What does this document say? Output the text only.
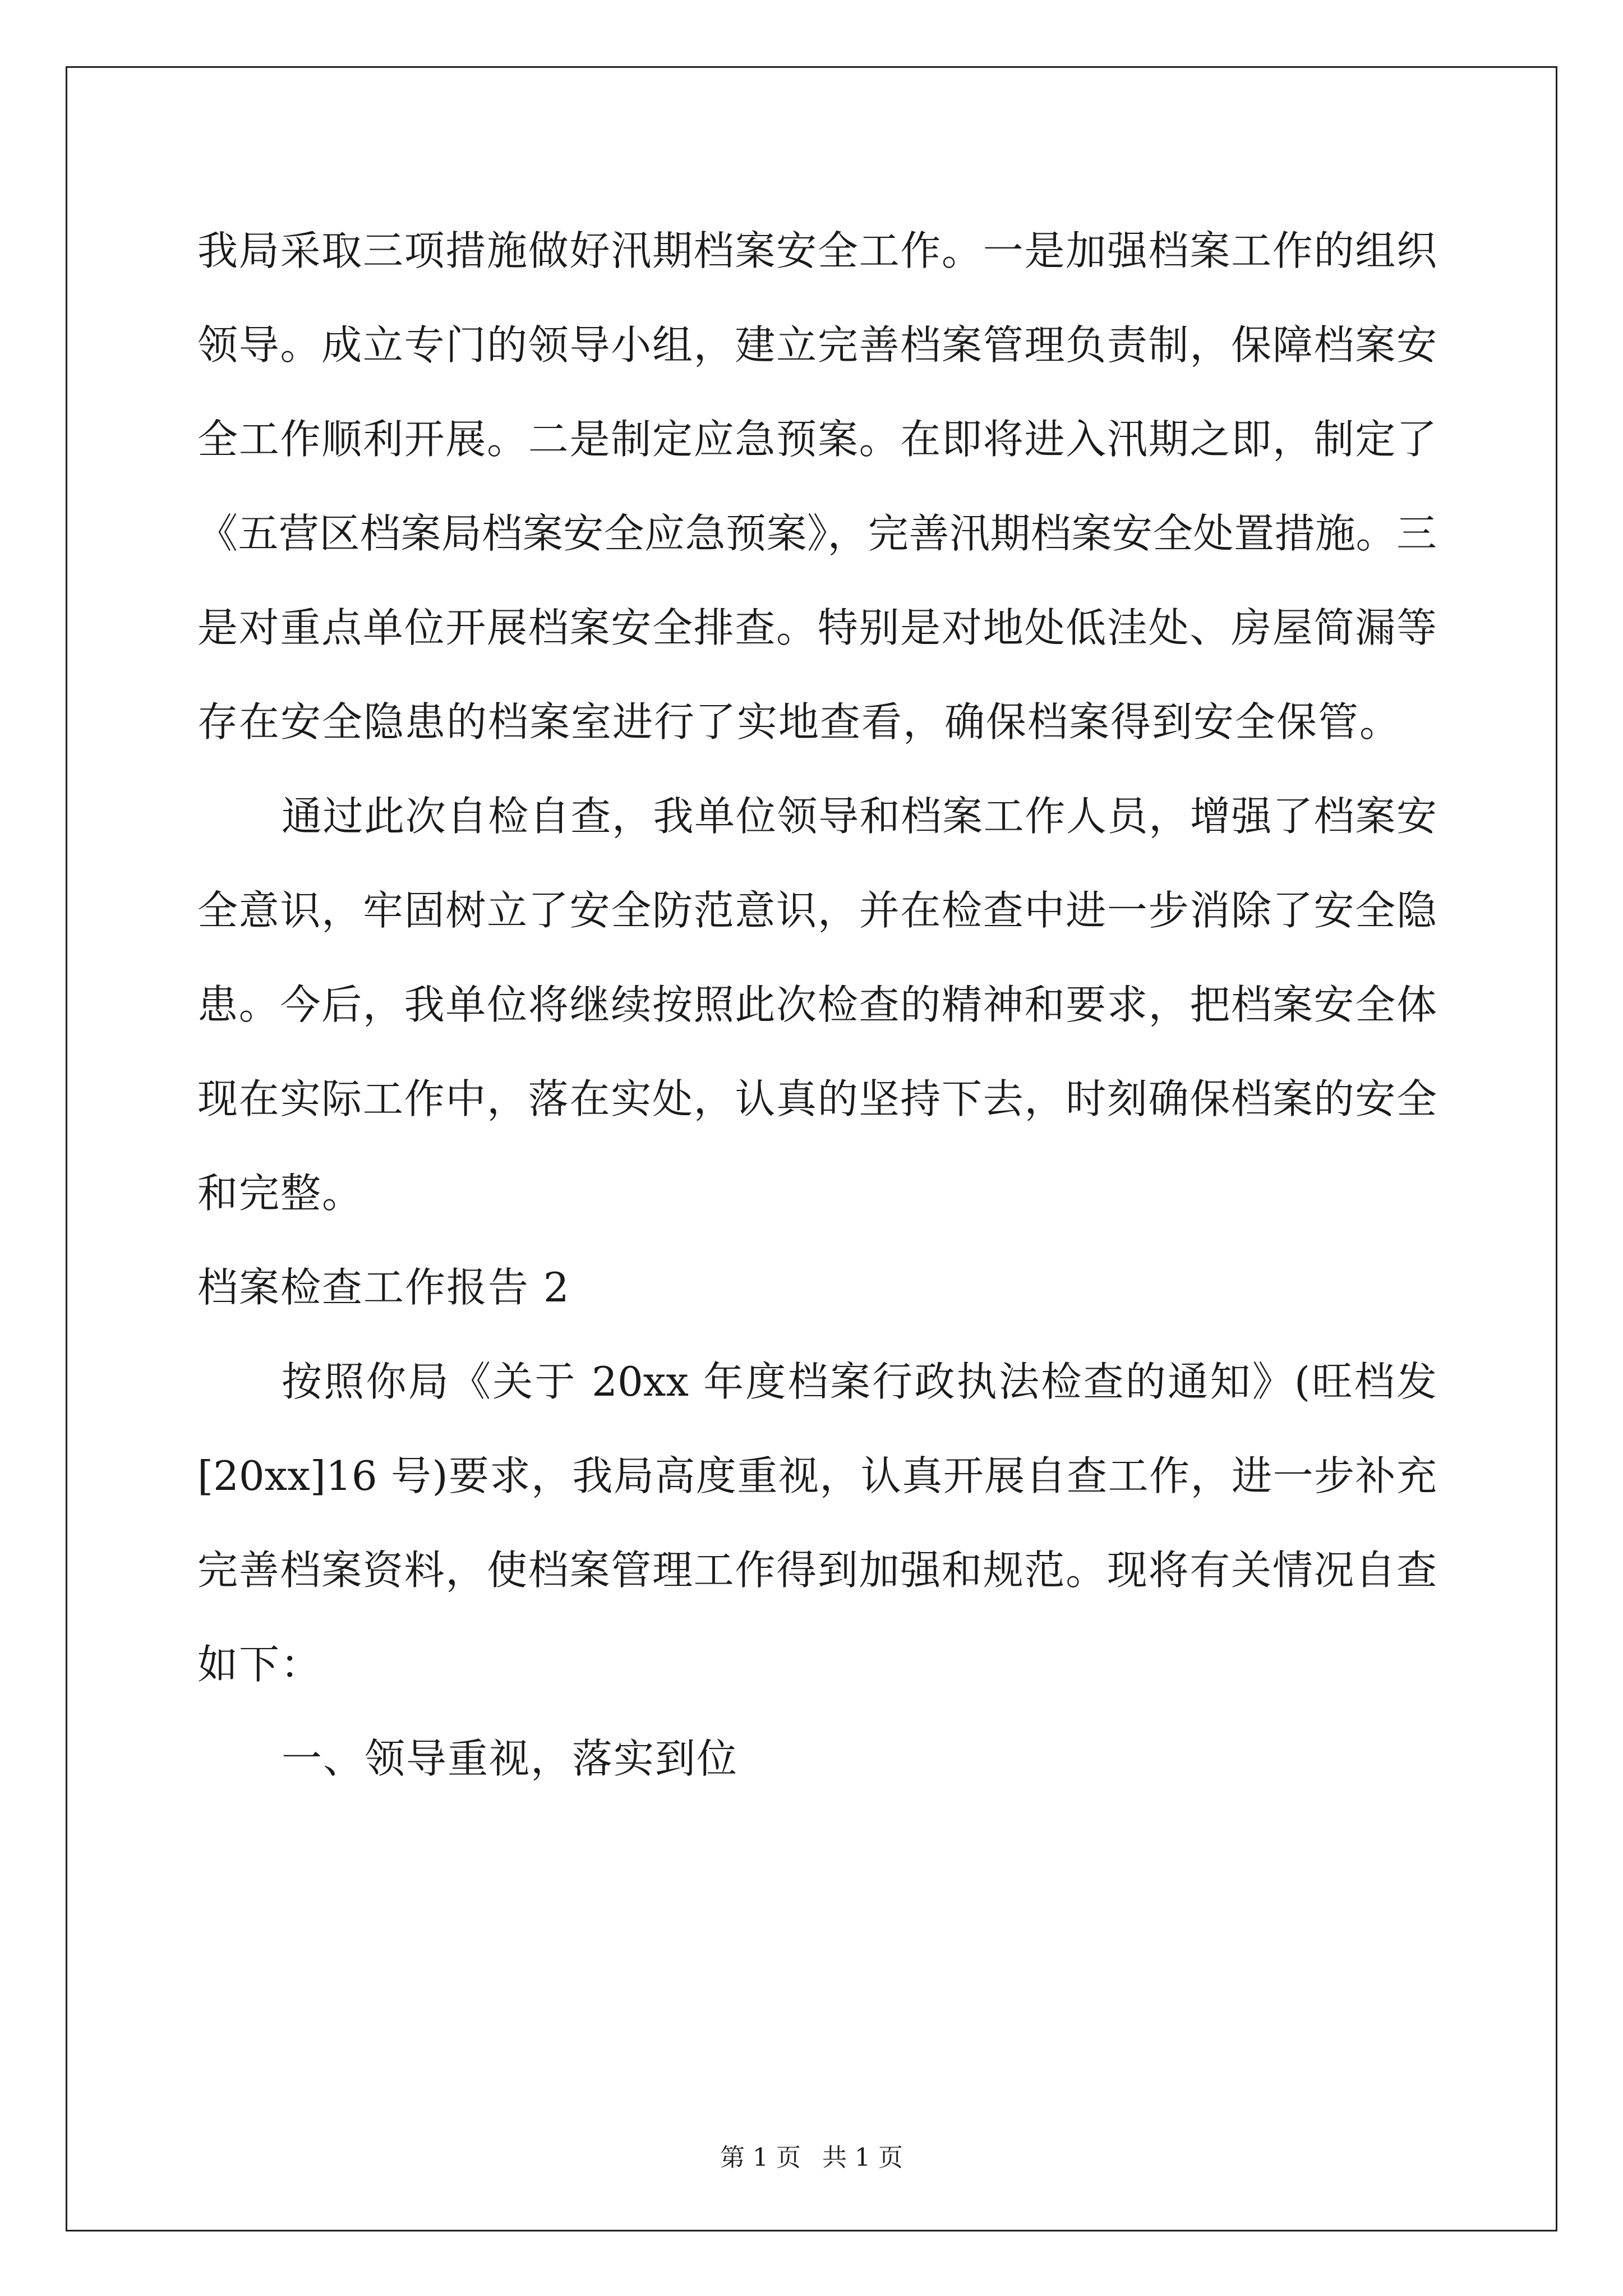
我局采取三项措施做好汛期档案安全工作。一是加强档案工作的组织
领导。成立专门的领导小组，建立完善档案管理负责制，保障档案安
全工作顺利开展。二是制定应急预案。在即将进入汛期之即，制定了
《五营区档案局档案安全应急预案》，完善汛期档案安全处置措施。三
是对重点单位开展档案安全排查。特别是对地处低洼处、房屋简漏等
存在安全隐患的档案室进行了实地查看，确保档案得到安全保管。
通过此次自检自查，我单位领导和档案工作人员，增强了档案安
全意识，牢固树立了安全防范意识，并在检查中进一步消除了安全隐
患。今后，我单位将继续按照此次检查的精神和要求，把档案安全体
现在实际工作中，落在实处，认真的坚持下去，时刻确保档案的安全
和完整。
档案检查工作报告 2
按照你局《关于 20xx 年度档案行政执法检查的通知》(旺档发
[20xx]16 号)要求，我局高度重视，认真开展自查工作，进一步补充
完善档案资料，使档案管理工作得到加强和规范。现将有关情况自查
如下：
一、领导重视，落实到位
第 1 页 共 1 页
